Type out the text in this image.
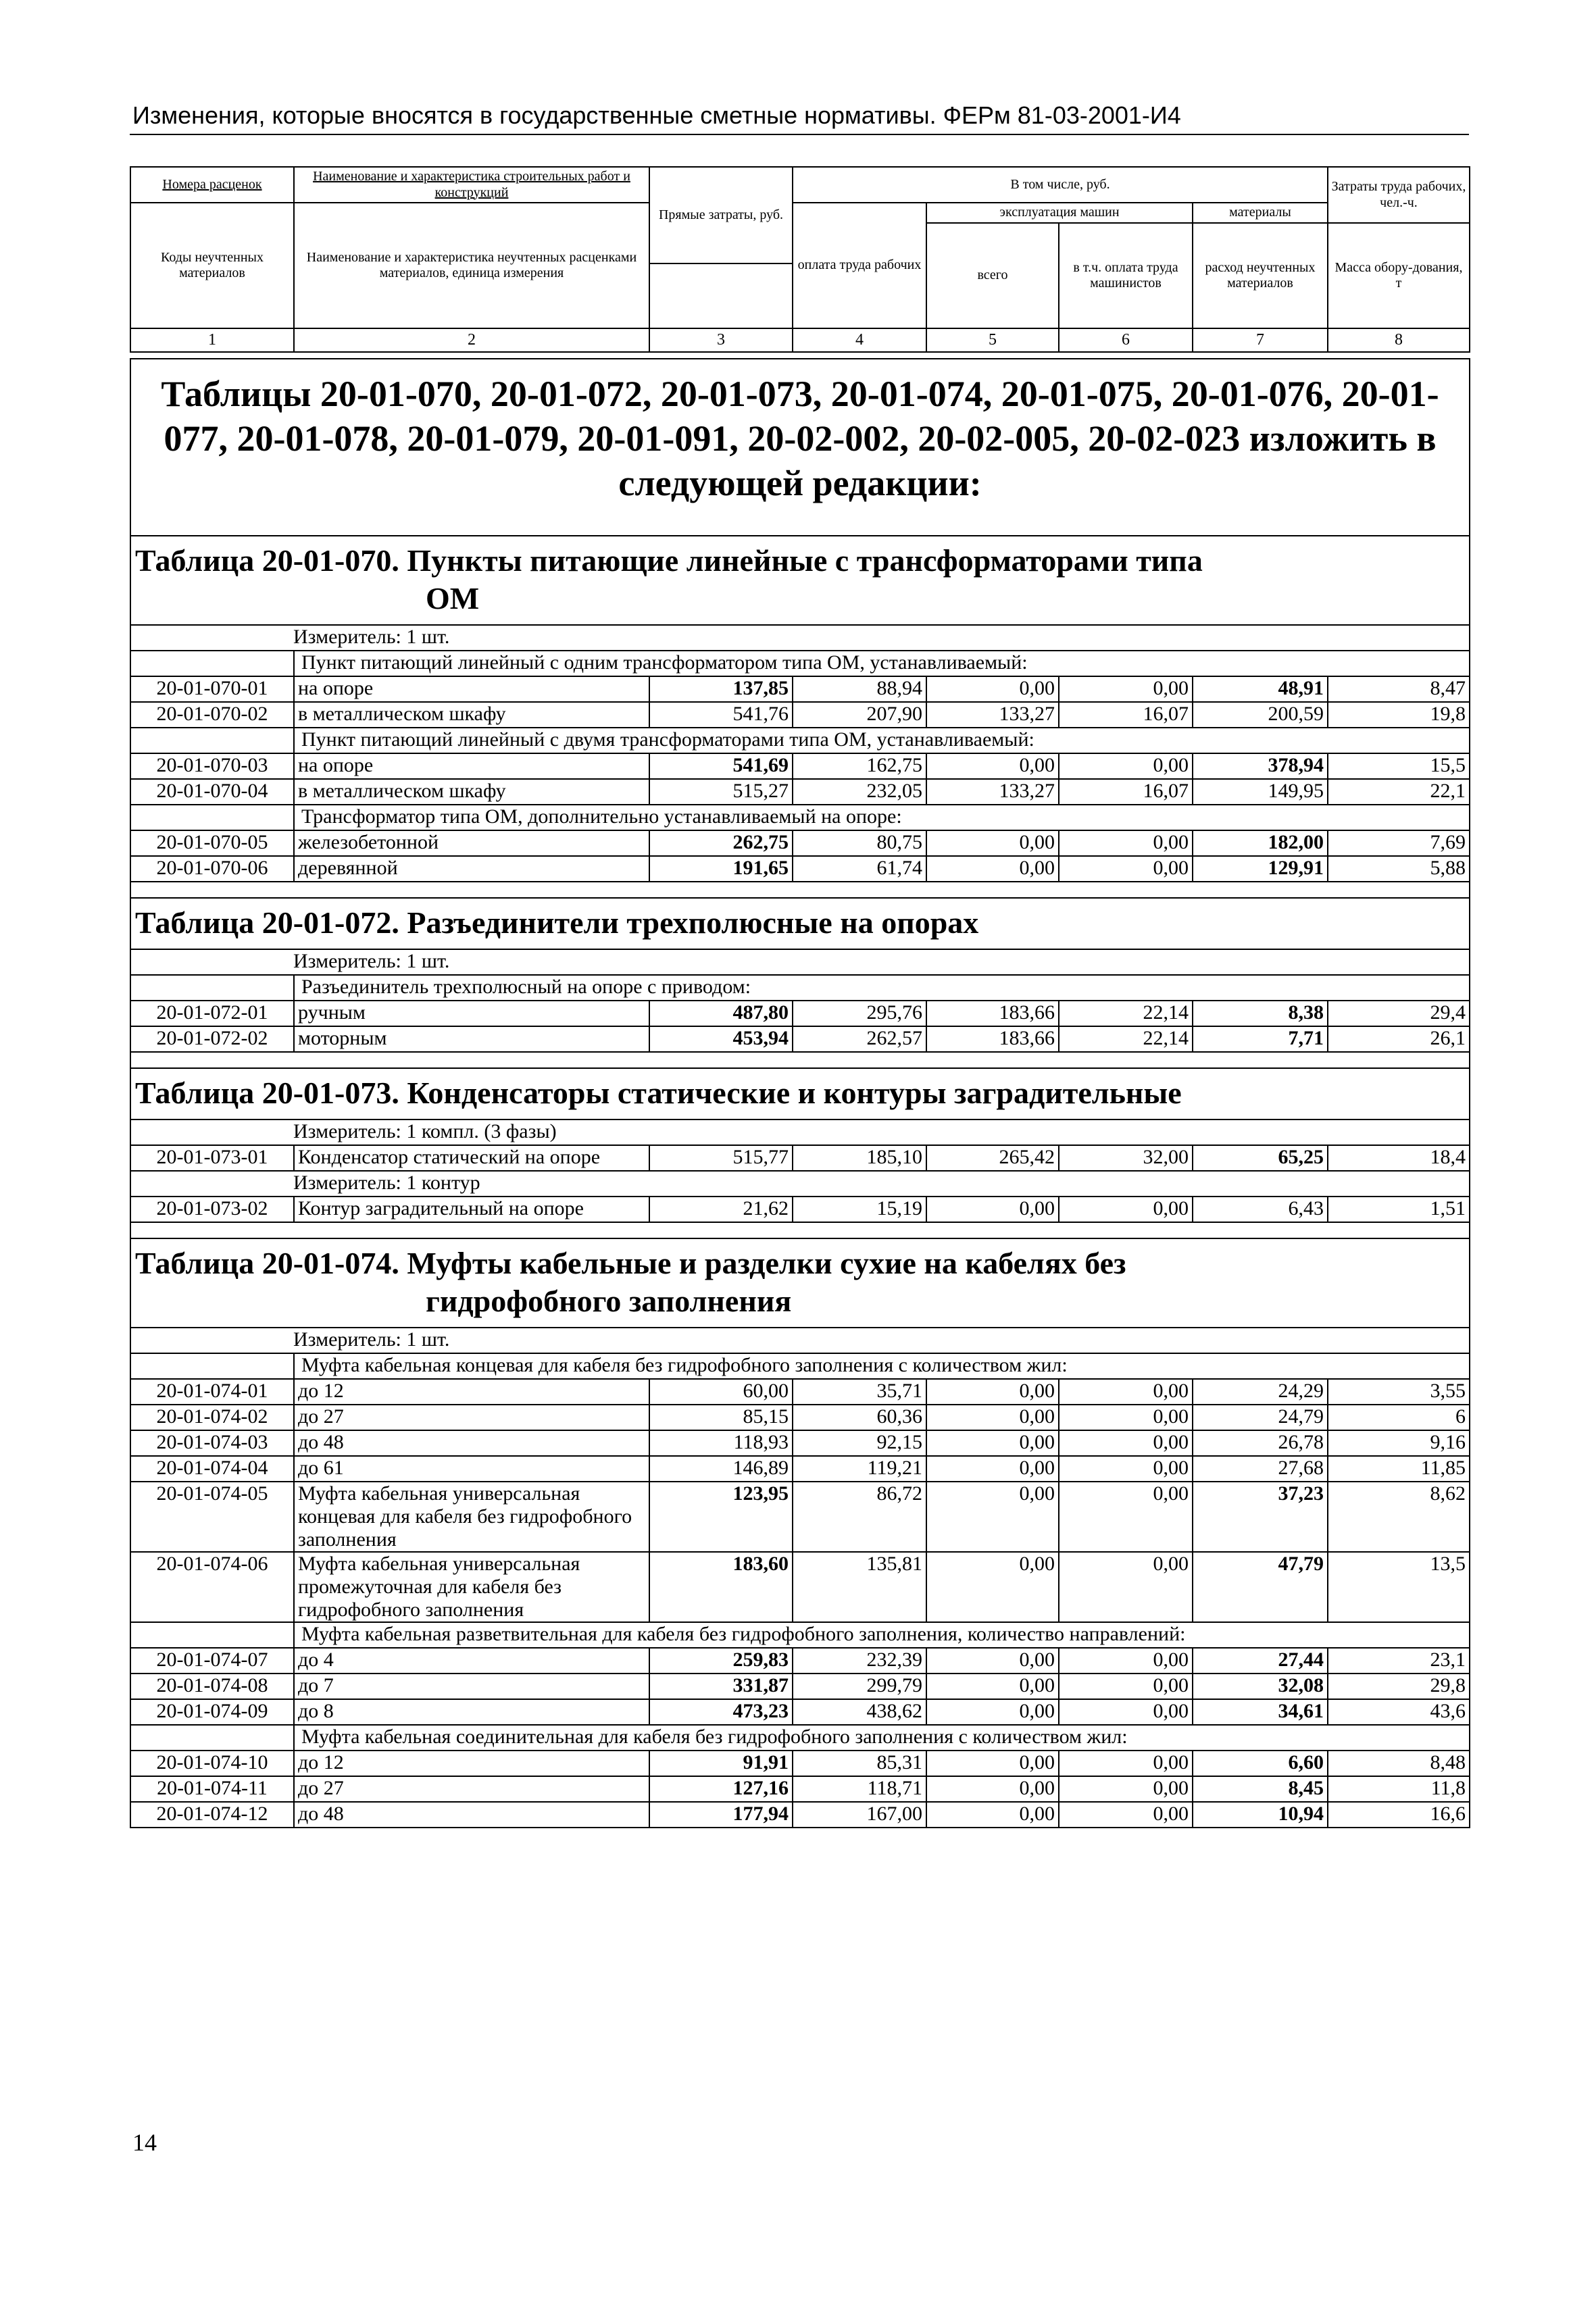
Изменения, которые вносятся в государственные сметные нормативы. ФЕРм 81-03-2001-И4
Номера расценок	Наименование и характеристика строительных работ и конструкций	Прямые затраты, руб.	В том числе, руб.				Затраты труда рабочих, чел.-ч.
Коды неучтенных материалов	Наименование и характеристика неучтенных расценками материалов, единица измерения		оплата труда рабочих	эксплуатация машин		материалы	
				всего	в т.ч. оплата труда машинистов	расход неучтенных материалов	Масса обору-дования, т

1	2	3	4	5	6	7	8
Таблицы 20-01-070, 20-01-072, 20-01-073, 20-01-074, 20-01-075, 20-01-076, 20-01-077, 20-01-078, 20-01-079, 20-01-091, 20-02-002, 20-02-005, 20-02-023 изложить в следующей редакции:							

Таблица 20-01-070. Пункты питающие линейные с трансформаторами типа
ОМ							

Измеритель: 1 шт.							
	Пункт питающий линейный с одним трансформатором типа ОМ, устанавливаемый:						
20-01-070-01	на опоре	137,85	88,94	0,00	0,00	48,91	8,47
20-01-070-02	в металлическом шкафу	541,76	207,90	133,27	16,07	200,59	19,8
	Пункт питающий линейный с двумя трансформаторами типа ОМ, устанавливаемый:						
20-01-070-03	на опоре	541,69	162,75	0,00	0,00	378,94	15,5
20-01-070-04	в металлическом шкафу	515,27	232,05	133,27	16,07	149,95	22,1
	Трансформатор типа ОМ, дополнительно устанавливаемый на опоре:						
20-01-070-05	железобетонной	262,75	80,75	0,00	0,00	182,00	7,69
20-01-070-06	деревянной	191,65	61,74	0,00	0,00	129,91	5,88

Таблица 20-01-072. Разъединители трехполюсные на опорах							

Измеритель: 1 шт.							
	Разъединитель трехполюсный на опоре с приводом:						
20-01-072-01	ручным	487,80	295,76	183,66	22,14	8,38	29,4
20-01-072-02	моторным	453,94	262,57	183,66	22,14	7,71	26,1

Таблица 20-01-073. Конденсаторы статические и контуры заградительные							

Измеритель: 1 компл. (3 фазы)							
20-01-073-01	Конденсатор статический на опоре	515,77	185,10	265,42	32,00	65,25	18,4
Измеритель: 1 контур							
20-01-073-02	Контур заградительный на опоре	21,62	15,19	0,00	0,00	6,43	1,51

Таблица 20-01-074. Муфты кабельные и разделки сухие на кабелях без
гидрофобного заполнения							

Измеритель: 1 шт.							
	Муфта кабельная концевая для кабеля без гидрофобного заполнения с количеством жил:						
20-01-074-01	до 12	60,00	35,71	0,00	0,00	24,29	3,55
20-01-074-02	до 27	85,15	60,36	0,00	0,00	24,79	6
20-01-074-03	до 48	118,93	92,15	0,00	0,00	26,78	9,16
20-01-074-04	до 61	146,89	119,21	0,00	0,00	27,68	11,85
20-01-074-05	Муфта кабельная универсальная концевая для кабеля без гидрофобного заполнения	123,95	86,72	0,00	0,00	37,23	8,62
20-01-074-06	Муфта кабельная универсальная промежуточная для кабеля без гидрофобного заполнения	183,60	135,81	0,00	0,00	47,79	13,5
	Муфта кабельная разветвительная для кабеля без гидрофобного заполнения, количество направлений:						
20-01-074-07	до 4	259,83	232,39	0,00	0,00	27,44	23,1
20-01-074-08	до 7	331,87	299,79	0,00	0,00	32,08	29,8
20-01-074-09	до 8	473,23	438,62	0,00	0,00	34,61	43,6
	Муфта кабельная соединительная для кабеля без гидрофобного заполнения с количеством жил:						
20-01-074-10	до 12	91,91	85,31	0,00	0,00	6,60	8,48
20-01-074-11	до 27	127,16	118,71	0,00	0,00	8,45	11,8
20-01-074-12	до 48	177,94	167,00	0,00	0,00	10,94	16,6
14
